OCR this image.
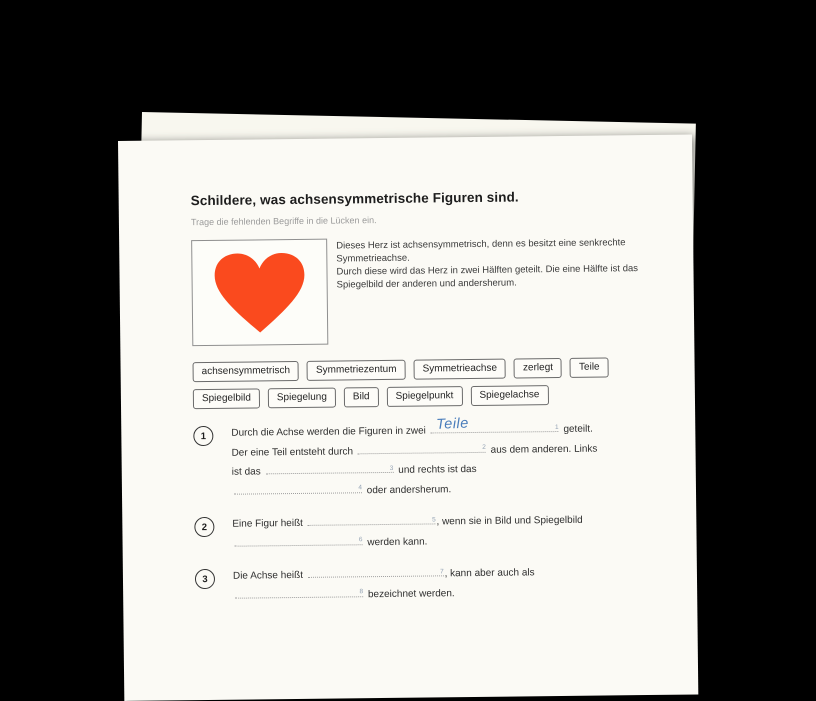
Schildere, was achsensymmetrische Figuren sind.
Trage die fehlenden Begriffe in die Lücken ein.
Dieses Herz ist achsensymmetrisch, denn es besitzt eine senkrechte
Symmetrieachse.
Durch diese wird das Herz in zwei Hälften geteilt. Die eine Hälfte ist das
Spiegelbild der anderen und andersherum.
achsensymmetrisch	Symmetriezentum	Symmetrieachse	zerlegt	Teile
Spiegelbild	Spiegelung	Bild	Spiegelpunkt	Spiegelachse
1	Durch die Achse werden die Figuren in zwei Teile	1 geteilt.
Der eine Teil entsteht durch	2 aus dem anderen. Links
ist das	3 und rechts ist das
4 oder andersherum.
2	Eine Figur heißt	5 , wenn sie in Bild und Spiegelbild
6 werden kann.
3	Die Achse heißt	7 , kann aber auch als
8 bezeichnet werden.
